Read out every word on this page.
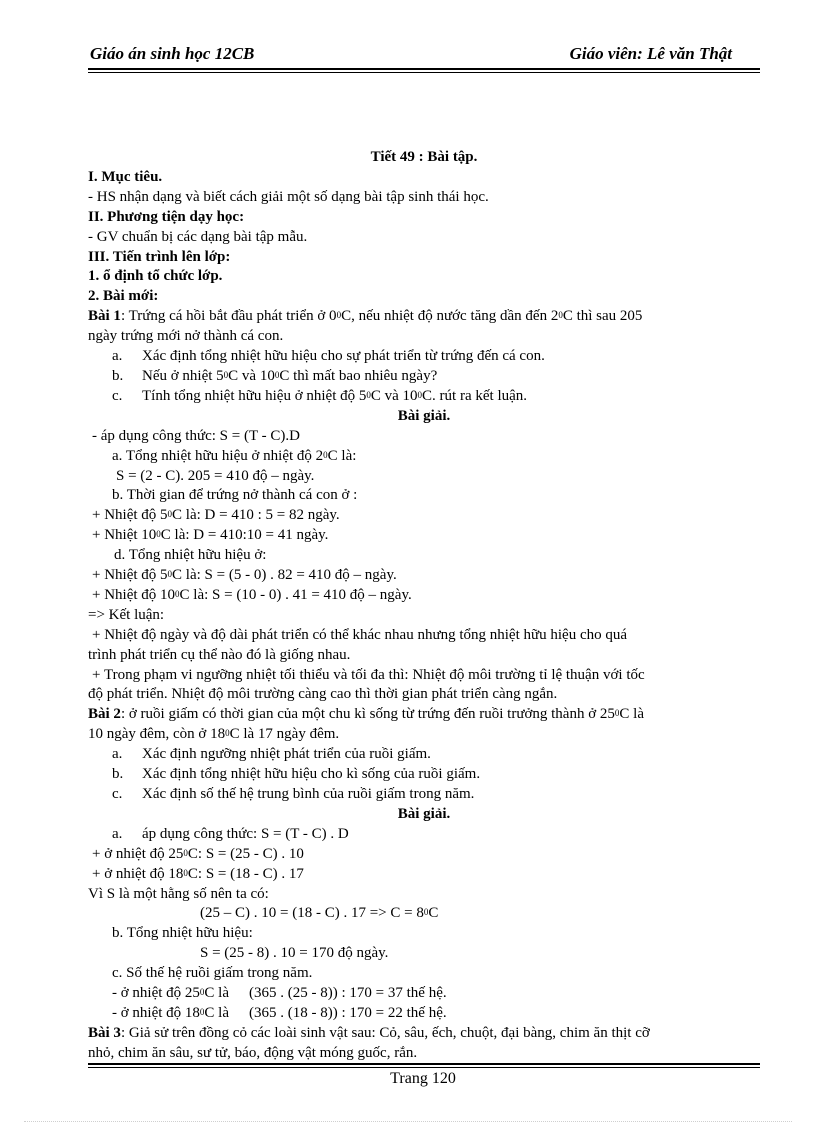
Giáo án sinh học 12CB	Giáo viên: Lê văn Thật
Tiết 49 : Bài tập.
I. Mục tiêu.
- HS nhận dạng và biết cách giải một số dạng bài tập sinh thái học.
II. Phương tiện dạy học:
- GV chuẩn bị các dạng bài tập mẫu.
III. Tiến trình lên lớp:
1. ổ định tổ chức lớp.
2. Bài mới:
Bài 1: Trứng cá hồi bắt đầu phát triển ở $0^0C$, nếu nhiệt độ nước tăng dần đến $2^0C$ thì sau 205
ngày trứng mới nở thành cá con.
a. Xác định tổng nhiệt hữu hiệu cho sự phát triển từ trứng đến cá con.
b. Nếu ở nhiệt $5^0C$ và $10^0C$ thì mất bao nhiêu ngày?
c. Tính tổng nhiệt hữu hiệu ở nhiệt độ $5^0C$ và $10^0C$. rút ra kết luận.
Bài giải.
- áp dụng công thức: S = (T - C).D
a. Tổng nhiệt hữu hiệu ở nhiệt độ $2^0C$ là:
S = (2 - C). 205 = 410 độ – ngày.
b. Thời gian để trứng nở thành cá con ở :
+ Nhiệt độ $5^0C$ là: D = 410 : 5 = 82 ngày.
+ Nhiệt $10^0C$ là: D = 410:10 = 41 ngày.
d. Tổng nhiệt hữu hiệu ở:
+ Nhiệt độ $5^0C$ là: S = (5 - 0) . 82 = 410 độ – ngày.
+ Nhiệt độ $10^0C$ là: S = (10 - 0) . 41 = 410 độ – ngày.
=> Kết luận:
+ Nhiệt độ ngày và độ dài phát triển có thể khác nhau nhưng tổng nhiệt hữu hiệu cho quá
trình phát triển cụ thể nào đó là giống nhau.
+ Trong phạm vi ngưỡng nhiệt tối thiểu và tối đa thì: Nhiệt độ môi trường tỉ lệ thuận với tốc
độ phát triển. Nhiệt độ môi trường càng cao thì thời gian phát triển càng ngắn.
Bài 2: ở ruồi giấm có thời gian của một chu kì sống từ trứng đến ruồi trưởng thành ở $25^0C$ là
10 ngày đêm, còn ở $18^0C$ là 17 ngày đêm.
a. Xác định ngưỡng nhiệt phát triển của ruồi giấm.
b. Xác định tổng nhiệt hữu hiệu cho kì sống của ruồi giấm.
c. Xác định số thế hệ trung bình của ruồi giấm trong năm.
Bài giải.
a. áp dụng công thức: S = (T - C) . D
+ ở nhiệt độ $25^0C$: S = (25 - C) . 10
+ ở nhiệt độ $18^0C$: S = (18 - C) . 17
Vì S là một hằng số nên ta có:
(25 – C) . 10 = (18 - C) . $17 => C = 8^0C$
b. Tổng nhiệt hữu hiệu:
S = (25 - 8) . 10 = 170 độ ngày.
c. Số thế hệ ruồi giấm trong năm.
- ở nhiệt độ $25^0C$ là (365 . (25 - 8)) : 170 = 37 thế hệ.
- ở nhiệt độ $18^0C$ là (365 . (18 - 8)) : 170 = 22 thế hệ.
Bài 3: Giả sử trên đồng cỏ các loài sinh vật sau: Cỏ, sâu, ếch, chuột, đại bàng, chim ăn thịt cỡ
nhỏ, chim ăn sâu, sư tử, báo, động vật móng guốc, rắn.
Trang 120
